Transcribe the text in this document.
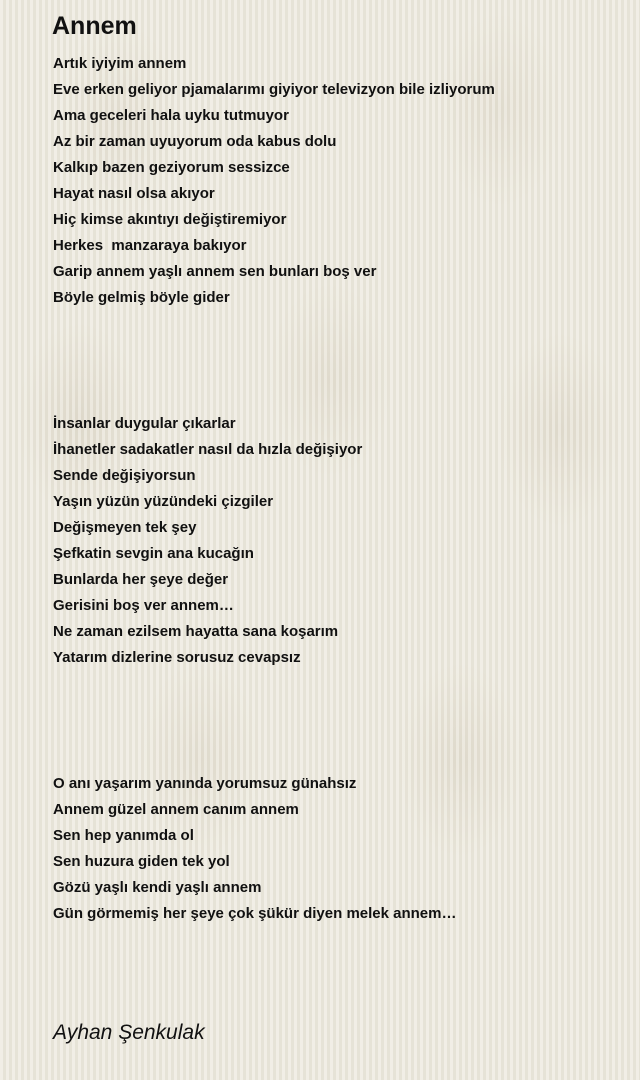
Annem
Artık iyiyim annem
Eve erken geliyor pjamalarımı giyiyor televizyon bile izliyorum
Ama geceleri hala uyku tutmuyor
Az bir zaman uyuyorum oda kabus dolu
Kalkıp bazen geziyorum sessizce
Hayat nasıl olsa akıyor
Hiç kimse akıntıyı değiştiremiyor
Herkes  manzaraya bakıyor
Garip annem yaşlı annem sen bunları boş ver
Böyle gelmiş böyle gider
İnsanlar duygular çıkarlar
İhanetler sadakatler nasıl da hızla değişiyor
Sende değişiyorsun
Yaşın yüzün yüzündeki çizgiler
Değişmeyen tek şey
Şefkatin sevgin ana kucağın
Bunlarda her şeye değer
Gerisini boş ver annem…
Ne zaman ezilsem hayatta sana koşarım
Yatarım dizlerine sorusuz cevapsız
O anı yaşarım yanında yorumsuz günahsız
Annem güzel annem canım annem
Sen hep yanımda ol
Sen huzura giden tek yol
Gözü yaşlı kendi yaşlı annem
Gün görmemiş her şeye çok şükür diyen melek annem…

Ayhan Şenkulak
